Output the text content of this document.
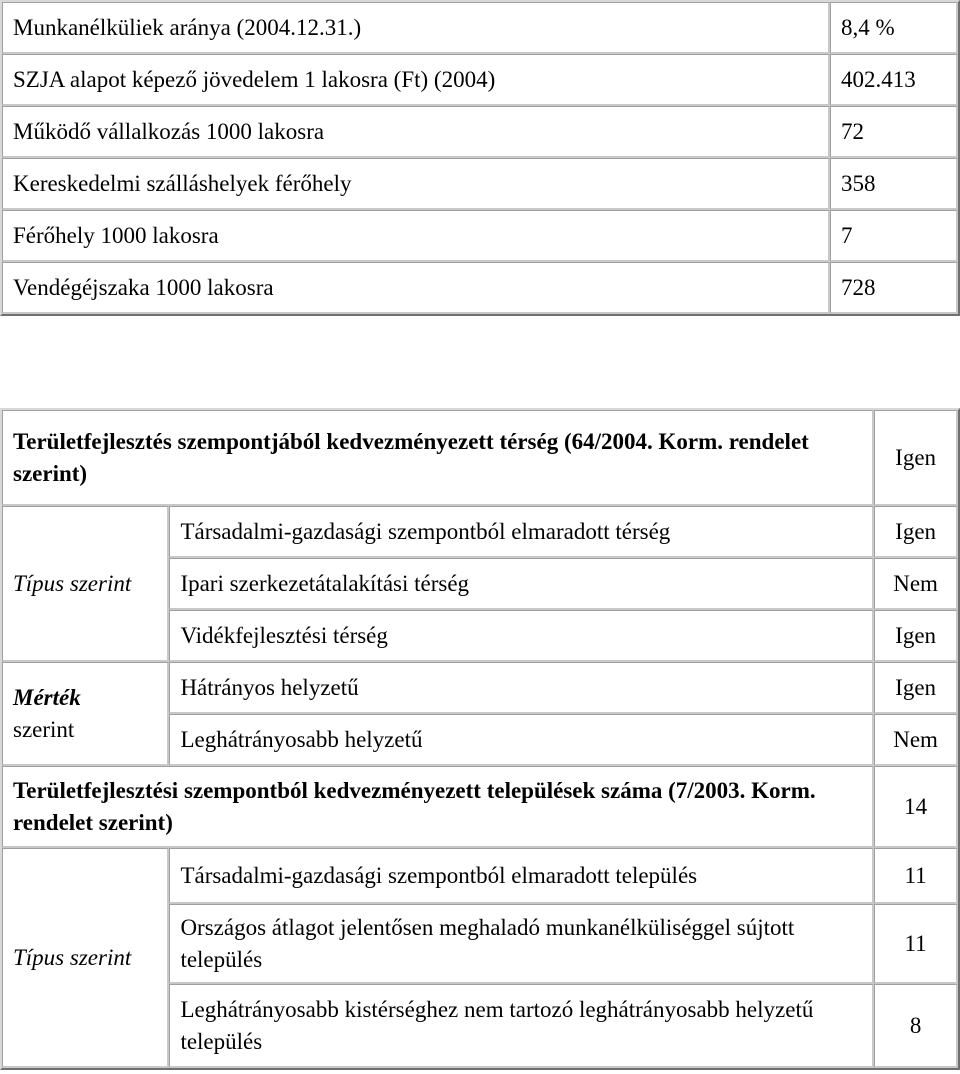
Munkanélküliek aránya (2004.12.31.)	8,4 %
SZJA alapot képező jövedelem 1 lakosra (Ft) (2004)	402.413
Működő vállalkozás 1000 lakosra	72
Kereskedelmi szálláshelyek férőhely	358
Férőhely 1000 lakosra	7
Vendégéjszaka 1000 lakosra	728
Területfejlesztés szempontjából kedvezményezett térség (64/2004. Korm. rendelet szerint)		Igen
Típus szerint	Társadalmi-gazdasági szempontból elmaradott térség	Igen
	Ipari szerkezetátalakítási térség	Nem
	Vidékfejlesztési térség	Igen
Mérték
szerint	Hátrányos helyzetű	Igen
	Leghátrányosabb helyzetű	Nem
Területfejlesztési szempontból kedvezményezett települések száma (7/2003. Korm. rendelet szerint)		14
Típus szerint	Társadalmi-gazdasági szempontból elmaradott település	11
	Országos átlagot jelentősen meghaladó munkanélküliséggel sújtott település	11
	Leghátrányosabb kistérséghez nem tartozó leghátrányosabb helyzetű település	8
